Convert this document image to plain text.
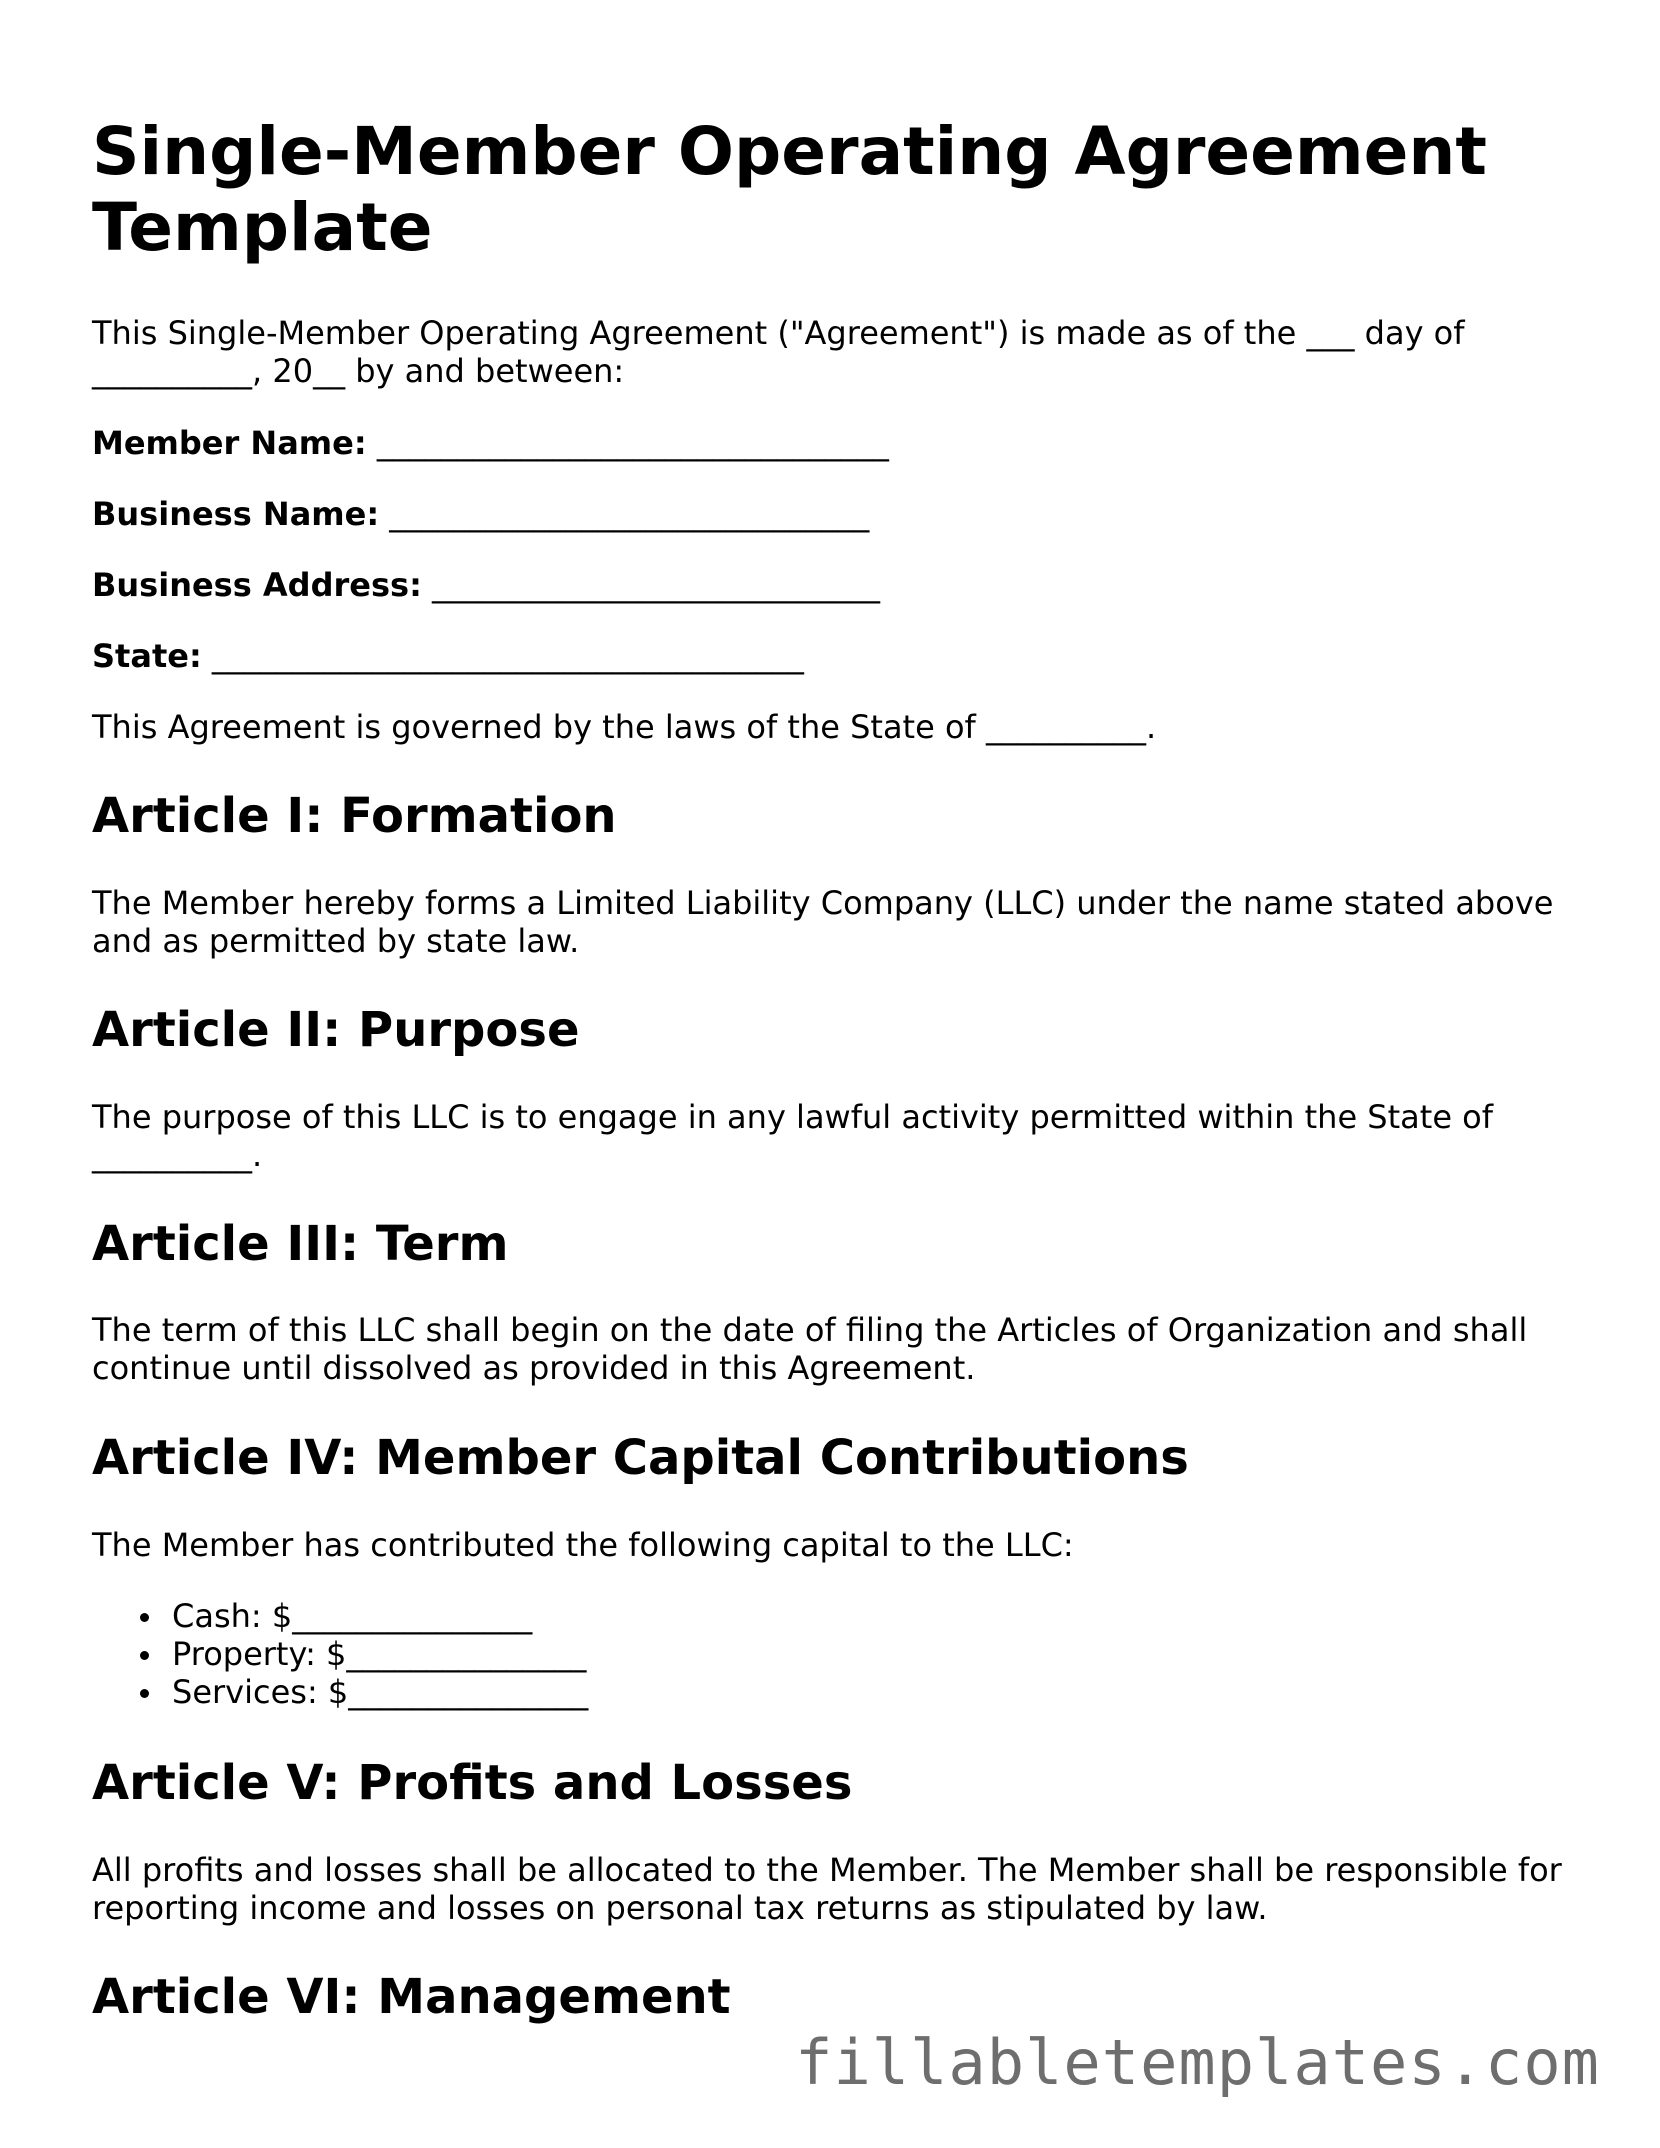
Single-Member Operating Agreement Template

This Single-Member Operating Agreement ("Agreement") is made as of the ___ day of __________, 20__ by and between:

Member Name: ________________________________

Business Name: ______________________________

Business Address: ____________________________

State: _____________________________________

This Agreement is governed by the laws of the State of __________.

Article I: Formation

The Member hereby forms a Limited Liability Company (LLC) under the name stated above and as permitted by state law.

Article II: Purpose

The purpose of this LLC is to engage in any lawful activity permitted within the State of __________.

Article III: Term

The term of this LLC shall begin on the date of filing the Articles of Organization and shall continue until dissolved as provided in this Agreement.

Article IV: Member Capital Contributions

The Member has contributed the following capital to the LLC:

Cash: $_______________
Property: $_______________
Services: $_______________
Article V: Profits and Losses

All profits and losses shall be allocated to the Member. The Member shall be responsible for reporting income and losses on personal tax returns as stipulated by law.

Article VI: Management
fillabletemplates.com
